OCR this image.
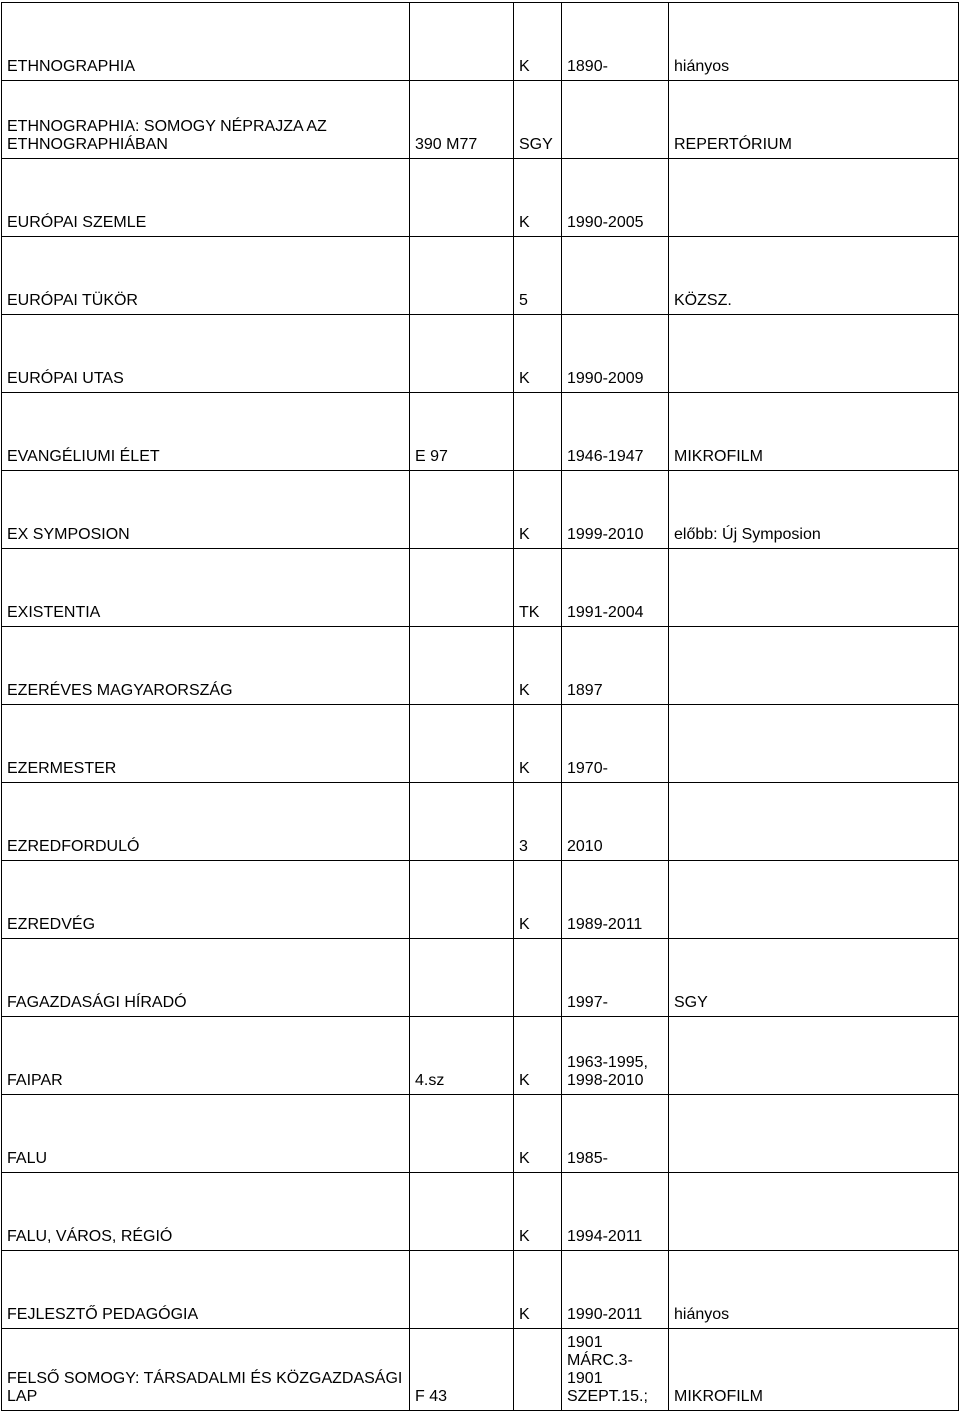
ETHNOGRAPHIA		K	1890-	hiányos
ETHNOGRAPHIA: SOMOGY NÉPRAJZA AZ
ETHNOGRAPHIÁBAN	390 M77	SGY		REPERTÓRIUM
EURÓPAI SZEMLE		K	1990-2005	
EURÓPAI TÜKÖR		5		KÖZSZ.
EURÓPAI UTAS		K	1990-2009	
EVANGÉLIUMI ÉLET	E 97		1946-1947	MIKROFILM
EX SYMPOSION		K	1999-2010	előbb: Új Symposion
EXISTENTIA		TK	1991-2004	
EZERÉVES MAGYARORSZÁG		K	1897	
EZERMESTER		K	1970-	
EZREDFORDULÓ		3	2010	
EZREDVÉG		K	1989-2011	
FAGAZDASÁGI HÍRADÓ			1997-	SGY
FAIPAR	4.sz	K	1963-1995,
1998-2010	
FALU		K	1985-	
FALU, VÁROS, RÉGIÓ		K	1994-2011	
FEJLESZTŐ PEDAGÓGIA		K	1990-2011	hiányos
FELSŐ SOMOGY: TÁRSADALMI ÉS KÖZGAZDASÁGI
LAP	F 43		1901
MÁRC.3-
1901
SZEPT.15.;	MIKROFILM
